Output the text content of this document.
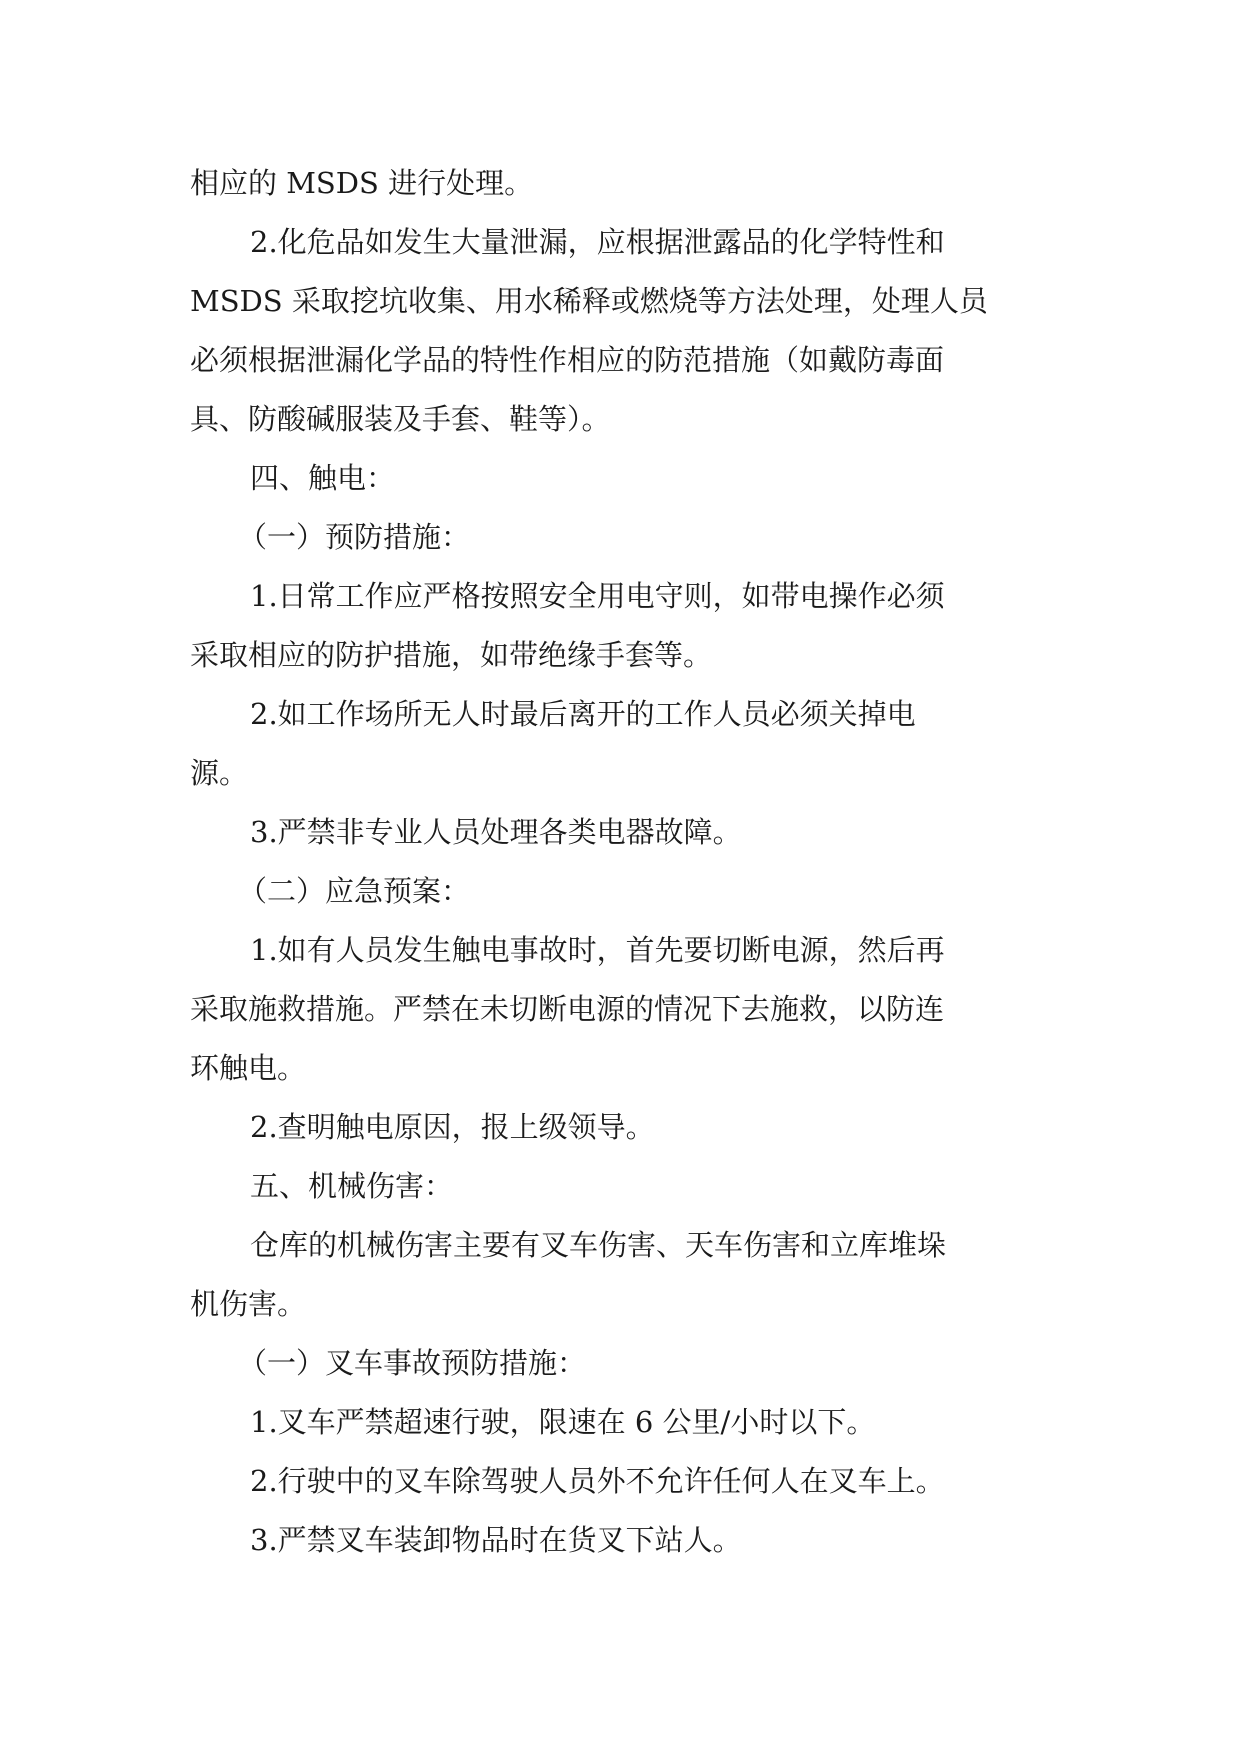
相应的 MSDS 进行处理。

2.化危品如发生大量泄漏，应根据泄露品的化学特性和

MSDS 采取挖坑收集、用水稀释或燃烧等方法处理，处理人员

必须根据泄漏化学品的特性作相应的防范措施（如戴防毒面

具、防酸碱服装及手套、鞋等）。

四、触电：

（一）预防措施：

1.日常工作应严格按照安全用电守则，如带电操作必须

采取相应的防护措施，如带绝缘手套等。

2.如工作场所无人时最后离开的工作人员必须关掉电

源。

3.严禁非专业人员处理各类电器故障。

（二）应急预案：

1.如有人员发生触电事故时，首先要切断电源，然后再

采取施救措施。严禁在未切断电源的情况下去施救，以防连

环触电。

2.查明触电原因，报上级领导。

五、机械伤害：

仓库的机械伤害主要有叉车伤害、天车伤害和立库堆垛

机伤害。

（一）叉车事故预防措施：

1.叉车严禁超速行驶，限速在 6 公里/小时以下。

2.行驶中的叉车除驾驶人员外不允许任何人在叉车上。

3.严禁叉车装卸物品时在货叉下站人。
